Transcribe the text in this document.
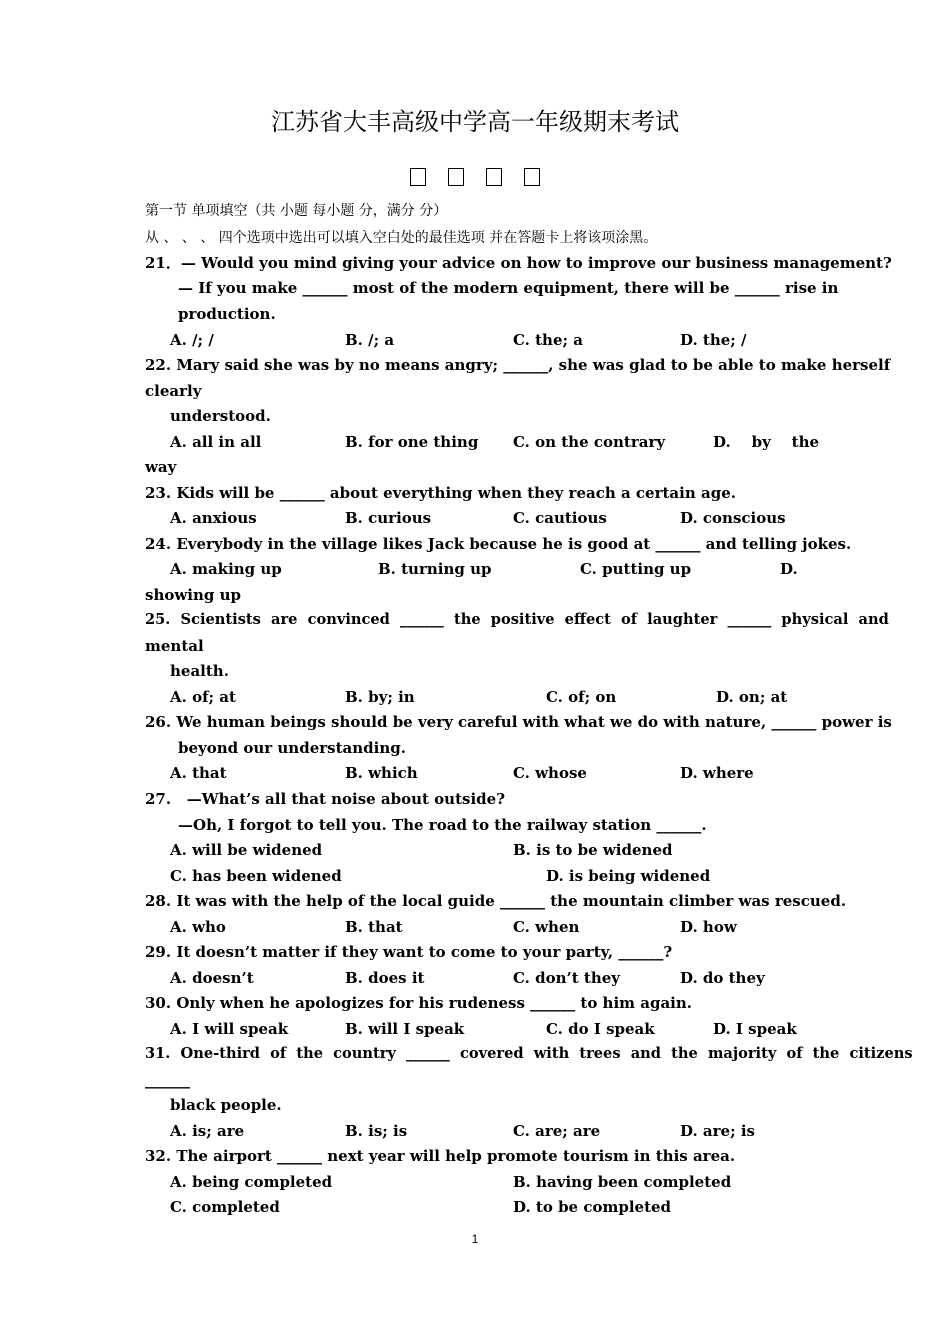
江苏省大丰高级中学高一年级期末考试
第一节 单项填空（共 小题 每小题 分，满分 分）
从 、 、 、 四个选项中选出可以填入空白处的最佳选项 并在答题卡上将该项涂黑。
21．— Would you mind giving your advice on how to improve our business management?
— If you make ______ most of the modern equipment, there will be ______ rise in
production.
A. /; /	B. /; a	C. the; a	D. the; /
22. Mary said she was by no means angry; ______, she was glad to be able to make herself
clearly
understood.
A. all in all	B. for one thing C. on the contrary	D.    by    the
way
23. Kids will be ______ about everything when they reach a certain age.
A. anxious	B. curious	C. cautious	D. conscious
24. Everybody in the village likes Jack because he is good at ______ and telling jokes.
A. making up	B. turning up	C. putting up	D.
showing up
25.  Scientists  are  convinced  ______  the  positive  effect  of  laughter  ______  physical  and
mental
health.
A. of; at	B. by; in	C. of; on	D. on; at
26. We human beings should be very careful with what we do with nature, ______ power is
beyond our understanding.
A. that	B. which	C. whose	D. where
27.   —What’s all that noise about outside?
—Oh, I forgot to tell you. The road to the railway station ______.
A. will be widened	B. is to be widened
C. has been widened	D. is being widened
28. It was with the help of the local guide ______ the mountain climber was rescued.
A. who	B. that	C. when	D. how
29. It doesn’t matter if they want to come to your party, ______?
A. doesn’t	B. does it	C. don’t they	D. do they
30. Only when he apologizes for his rudeness ______ to him again.
A. I will speak	B. will I speak	C. do I speak	D. I speak
31.  One-third  of  the  country  ______  covered  with  trees  and  the  majority  of  the  citizens
______
black people.
A. is; are	B. is; is	C. are; are	D. are; is
32. The airport ______ next year will help promote tourism in this area.
A. being completed	B. having been completed
C. completed	D. to be completed
1
